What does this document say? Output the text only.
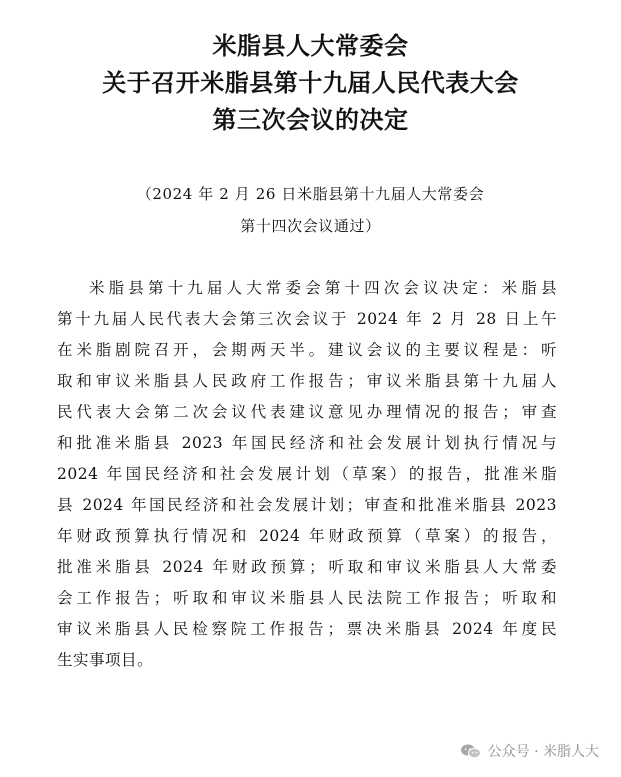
米脂县人大常委会
关于召开米脂县第十九届人民代表大会
第三次会议的决定
（2024 年 2 月 26 日米脂县第十九届人大常委会
第十四次会议通过）
米脂县第十九届人大常委会第十四次会议决定：米脂县
第十九届人民代表大会第三次会议于 2024 年 2 月 28 日上午
在米脂剧院召开，会期两天半。建议会议的主要议程是：听
取和审议米脂县人民政府工作报告；审议米脂县第十九届人
民代表大会第二次会议代表建议意见办理情况的报告；审查
和批准米脂县 2023 年国民经济和社会发展计划执行情况与
2024 年国民经济和社会发展计划（草案）的报告，批准米脂
县 2024 年国民经济和社会发展计划；审查和批准米脂县 2023
年财政预算执行情况和 2024 年财政预算（草案）的报告，
批准米脂县 2024 年财政预算；听取和审议米脂县人大常委
会工作报告；听取和审议米脂县人民法院工作报告；听取和
审议米脂县人民检察院工作报告；票决米脂县 2024 年度民
生实事项目。
公众号 · 米脂人大
